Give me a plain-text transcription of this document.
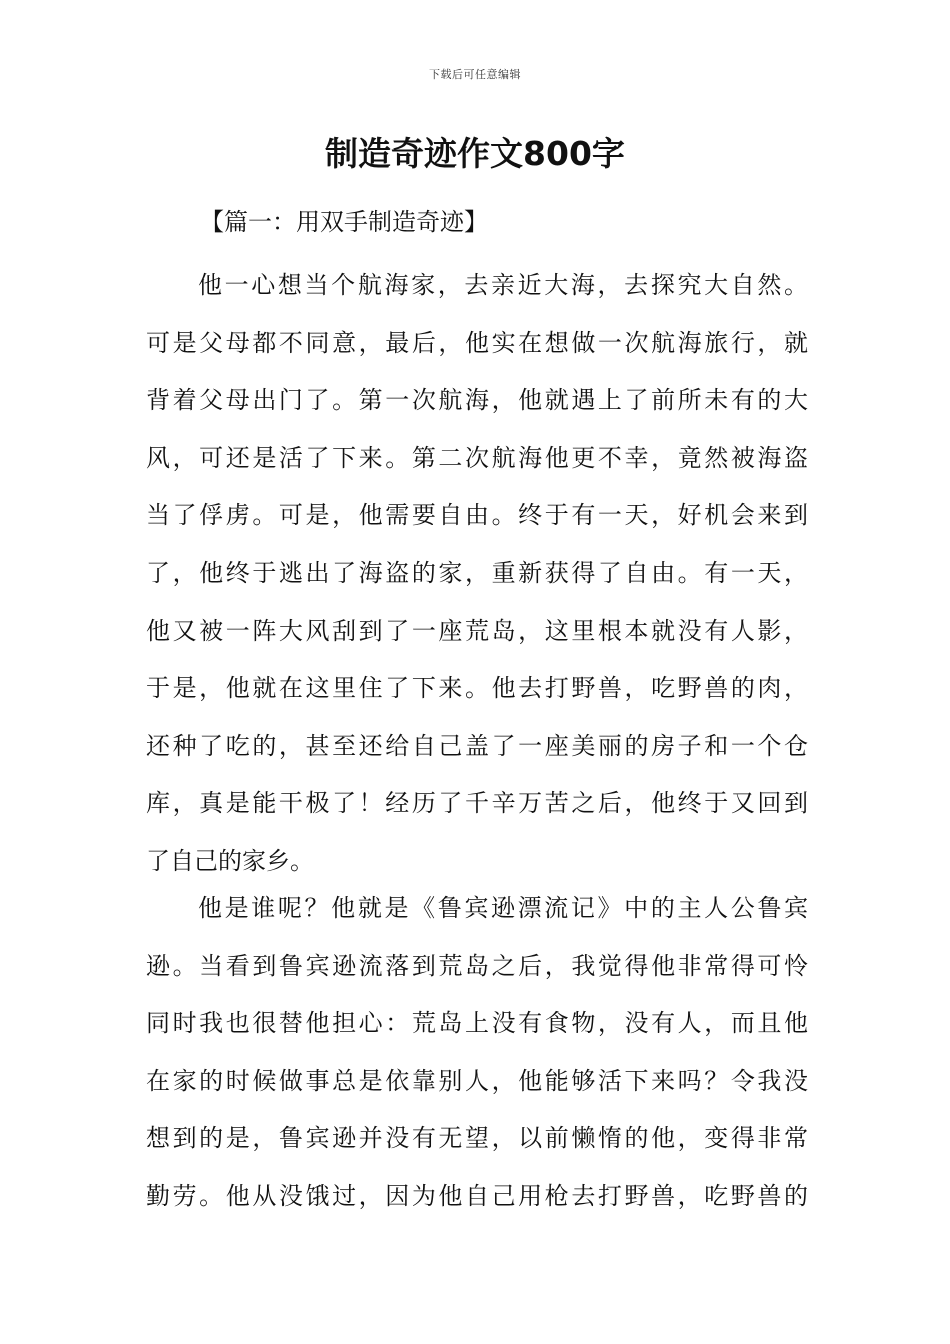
下载后可任意编辑
制造奇迹作文800字
【篇一：用双手制造奇迹】
他一心想当个航海家，去亲近大海，去探究大自然。
可是父母都不同意，最后，他实在想做一次航海旅行，就
背着父母出门了。第一次航海，他就遇上了前所未有的大
风，可还是活了下来。第二次航海他更不幸，竟然被海盗
当了俘虏。可是，他需要自由。终于有一天，好机会来到
了，他终于逃出了海盗的家，重新获得了自由。有一天，
他又被一阵大风刮到了一座荒岛，这里根本就没有人影，
于是，他就在这里住了下来。他去打野兽，吃野兽的肉，
还种了吃的，甚至还给自己盖了一座美丽的房子和一个仓
库，真是能干极了！经历了千辛万苦之后，他终于又回到
了自己的家乡。
他是谁呢？他就是《鲁宾逊漂流记》中的主人公鲁宾
逊。当看到鲁宾逊流落到荒岛之后，我觉得他非常得可怜
同时我也很替他担心：荒岛上没有食物，没有人，而且他
在家的时候做事总是依靠别人，他能够活下来吗？令我没
想到的是，鲁宾逊并没有无望，以前懒惰的他，变得非常
勤劳。他从没饿过，因为他自己用枪去打野兽，吃野兽的
